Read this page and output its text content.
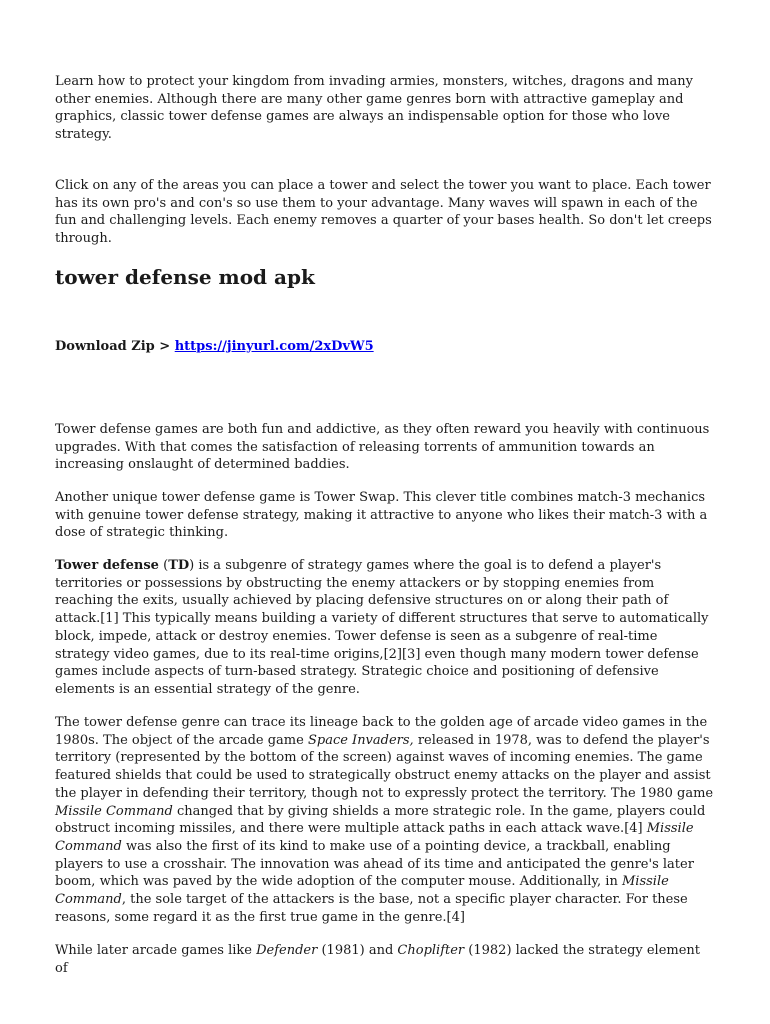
Learn how to protect your kingdom from invading armies, monsters, witches, dragons and many other enemies. Although there are many other game genres born with attractive gameplay and graphics, classic tower defense games are always an indispensable option for those who love strategy.

Click on any of the areas you can place a tower and select the tower you want to place. Each tower has its own pro's and con's so use them to your advantage. Many waves will spawn in each of the fun and challenging levels. Each enemy removes a quarter of your bases health. So don't let creeps through.

tower defense mod apk

Download Zip > https://jinyurl.com/2xDvW5

Tower defense games are both fun and addictive, as they often reward you heavily with continuous upgrades. With that comes the satisfaction of releasing torrents of ammunition towards an increasing onslaught of determined baddies.

Another unique tower defense game is Tower Swap. This clever title combines match-3 mechanics with genuine tower defense strategy, making it attractive to anyone who likes their match-3 with a dose of strategic thinking.

Tower defense (TD) is a subgenre of strategy games where the goal is to defend a player's territories or possessions by obstructing the enemy attackers or by stopping enemies from reaching the exits, usually achieved by placing defensive structures on or along their path of attack.[1] This typically means building a variety of different structures that serve to automatically block, impede, attack or destroy enemies. Tower defense is seen as a subgenre of real-time strategy video games, due to its real-time origins,[2][3] even though many modern tower defense games include aspects of turn-based strategy. Strategic choice and positioning of defensive elements is an essential strategy of the genre.

The tower defense genre can trace its lineage back to the golden age of arcade video games in the 1980s. The object of the arcade game Space Invaders, released in 1978, was to defend the player's territory (represented by the bottom of the screen) against waves of incoming enemies. The game featured shields that could be used to strategically obstruct enemy attacks on the player and assist the player in defending their territory, though not to expressly protect the territory. The 1980 game Missile Command changed that by giving shields a more strategic role. In the game, players could obstruct incoming missiles, and there were multiple attack paths in each attack wave.[4] Missile Command was also the first of its kind to make use of a pointing device, a trackball, enabling players to use a crosshair. The innovation was ahead of its time and anticipated the genre's later boom, which was paved by the wide adoption of the computer mouse. Additionally, in Missile Command, the sole target of the attackers is the base, not a specific player character. For these reasons, some regard it as the first true game in the genre.[4]

While later arcade games like Defender (1981) and Choplifter (1982) lacked the strategy element of
